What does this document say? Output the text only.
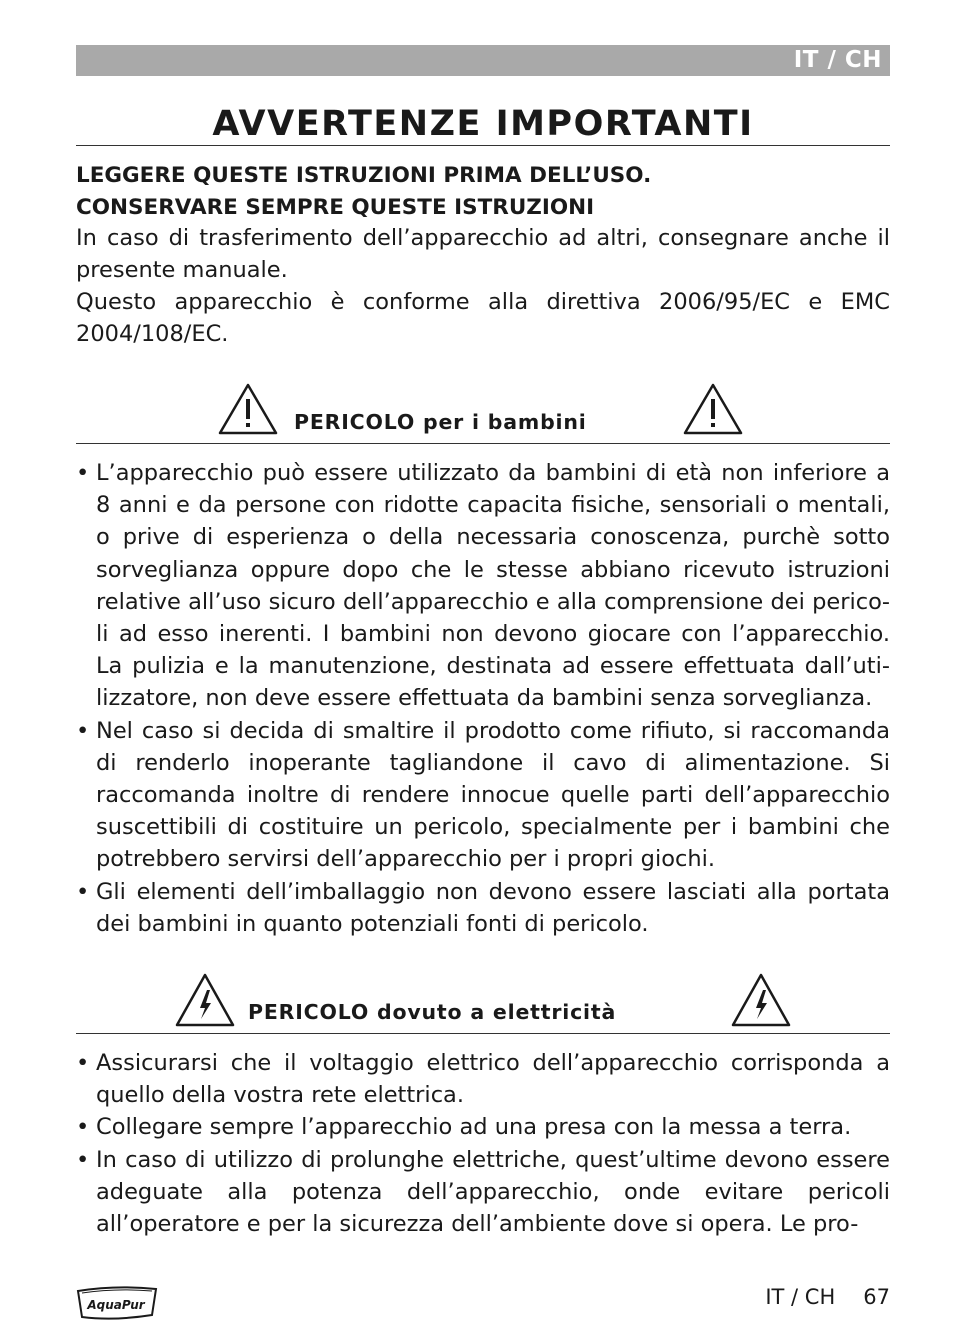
IT / CH
AVVERTENZE IMPORTANTI
LEGGERE QUESTE ISTRUZIONI PRIMA DELL’USO.
CONSERVARE SEMPRE QUESTE ISTRUZIONI

In caso di trasferimento dell’apparecchio ad altri, consegnare anche il presente manuale.

Questo apparecchio è conforme alla direttiva 2006/95/EC e EMC 2004/108/EC.

PERICOLO per i bambini
• L’apparecchio può essere utilizzato da bambini di età non inferiore a 8 anni e da persone con ridotte capacita fisiche, sensoriali o mentali, o prive di esperienza o della necessaria conoscenza, purchè sotto sorveglianza oppure dopo che le stesse abbiano ricevuto istruzioni relative all’uso sicuro dell’apparecchio e alla comprensione dei pericoli ad esso inerenti. I bambini non devono giocare con l’apparecchio. La pulizia e la manutenzione, destinata ad essere effettuata dall’utilizzatore, non deve essere effettuata da bambini senza sorveglianza.
• Nel caso si decida di smaltire il prodotto come rifiuto, si raccomanda di renderlo inoperante tagliandone il cavo di alimentazione. Si raccomanda inoltre di rendere innocue quelle parti dell’apparecchio suscettibili di costituire un pericolo, specialmente per i bambini che potrebbero servirsi dell’apparecchio per i propri giochi.
• Gli elementi dell’imballaggio non devono essere lasciati alla portata dei bambini in quanto potenziali fonti di pericolo.
PERICOLO dovuto a elettricità
• Assicurarsi che il voltaggio elettrico dell’apparecchio corrisponda a quello della vostra rete elettrica.
• Collegare sempre l’apparecchio ad una presa con la messa a terra.
• In caso di utilizzo di prolunghe elettriche, quest’ultime devono essere adeguate alla potenza dell’apparecchio, onde evitare pericoli all’operatore e per la sicurezza dell’ambiente dove si opera. Le pro-
AquaPur	IT / CH 67
